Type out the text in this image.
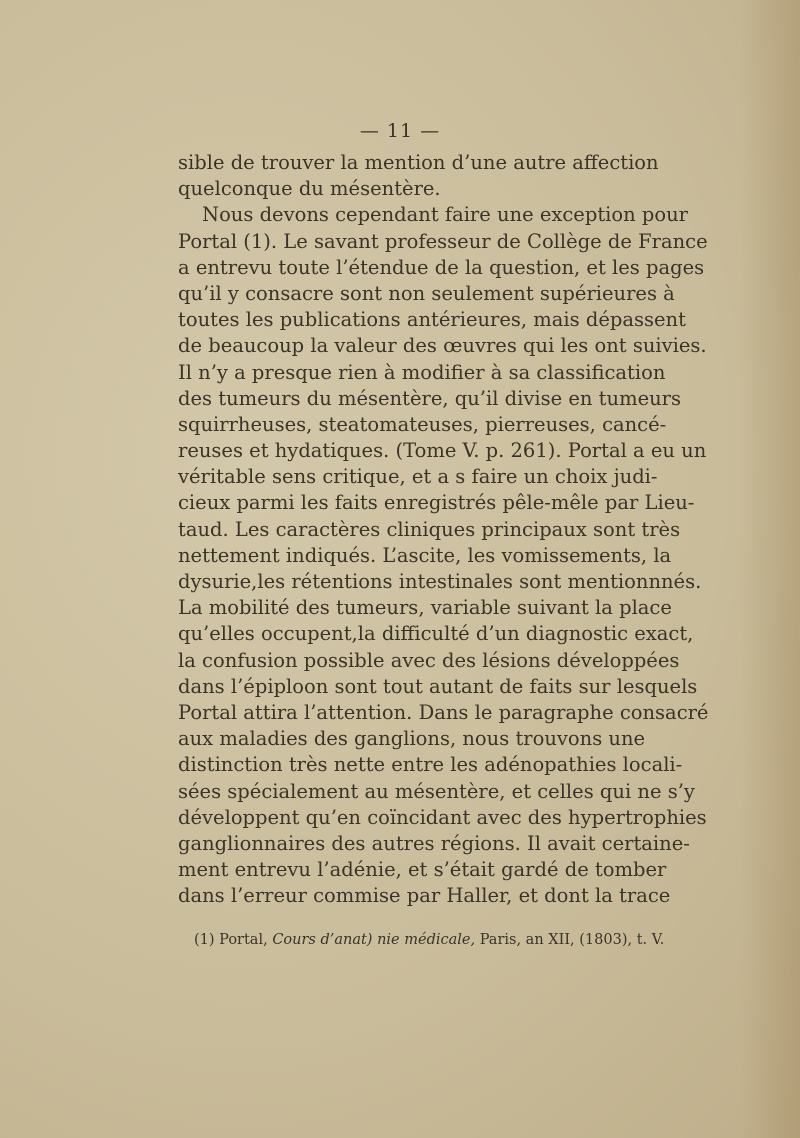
— 11 —
sible de trouver la mention d’une autre affection
quelconque du mésentère.
Nous devons cependant faire une exception pour
Portal (1). Le savant professeur de Collège de France
a entrevu toute l’étendue de la question, et les pages
qu’il y consacre sont non seulement supérieures à
toutes les publications antérieures, mais dépassent
de beaucoup la valeur des œuvres qui les ont suivies.
Il n’y a presque rien à modifier à sa classification
des tumeurs du mésentère, qu’il divise en tumeurs
squirrheuses, steatomateuses, pierreuses, cancé-
reuses et hydatiques. (Tome V. p. 261). Portal a eu un
véritable sens critique, et a s faire un choix judi-
cieux parmi les faits enregistrés pêle-mêle par Lieu-
taud. Les caractères cliniques principaux sont très
nettement indiqués. L’ascite, les vomissements, la
dysurie,les rétentions intestinales sont mentionnnés.
La mobilité des tumeurs, variable suivant la place
qu’elles occupent,la difficulté d’un diagnostic exact,
la confusion possible avec des lésions développées
dans l’épiploon sont tout autant de faits sur lesquels
Portal attira l’attention. Dans le paragraphe consacré
aux maladies des ganglions, nous trouvons une
distinction très nette entre les adénopathies locali-
sées spécialement au mésentère, et celles qui ne s’y
développent qu’en coïncidant avec des hypertrophies
ganglionnaires des autres régions. Il avait certaine-
ment entrevu l’adénie, et s’était gardé de tomber
dans l’erreur commise par Haller, et dont la trace
(1) Portal, Cours d’anat) nie médicale, Paris, an XII, (1803), t. V.
